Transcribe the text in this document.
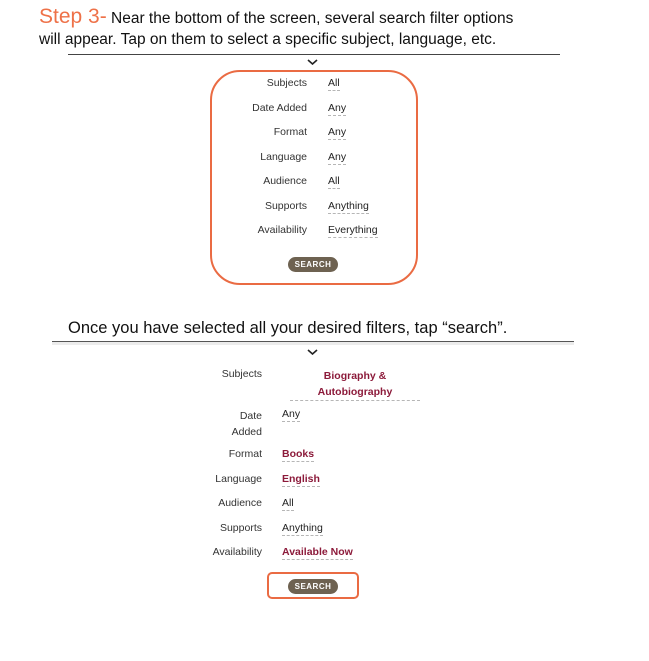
Step 3- Near the bottom of the screen, several search filter options
will appear. Tap on them to select a specific subject, language, etc.
Subjects All
Date Added Any
Format Any
Language Any
Audience All
Supports Anything
Availability Everything
SEARCH
Once you have selected all your desired filters, tap “search”.
Subjects	Biography &
Autobiography
Date
Added
Any
Format Books
Language English
Audience All
Supports Anything
Availability Available Now
SEARCH
